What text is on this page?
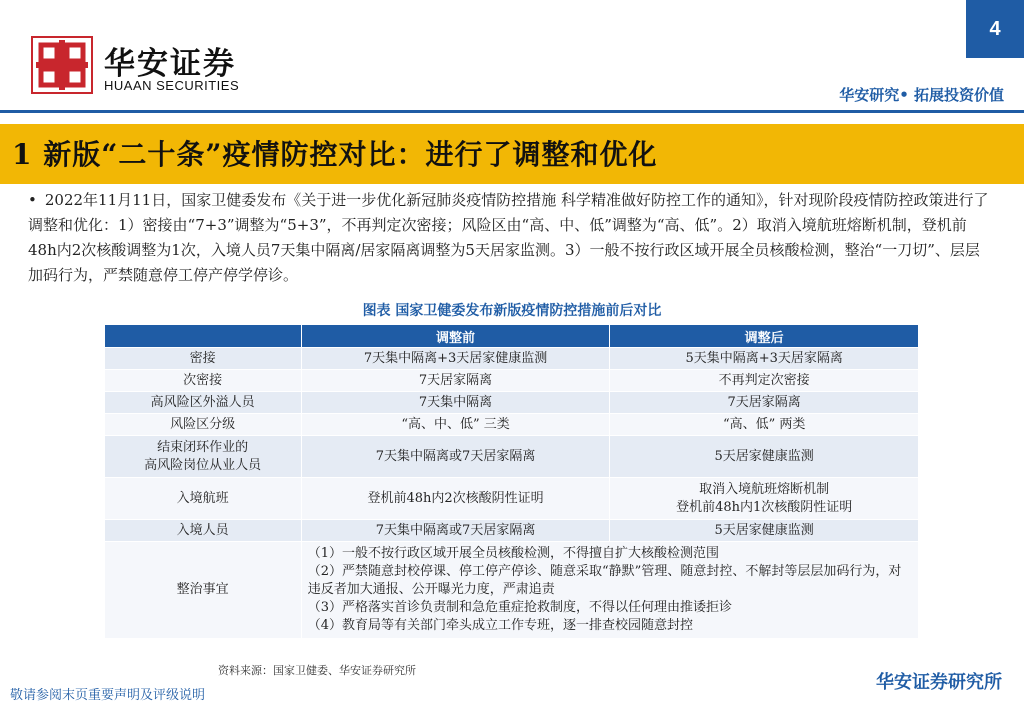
华安证券
HUAAN SECURITIES
4
华安研究• 拓展投资价值
1 新版“二十条”疫情防控对比：进行了调整和优化
• 2022年11月11日，国家卫健委发布《关于进一步优化新冠肺炎疫情防控措施 科学精准做好防控工作的通知》，针对现阶段疫情防控政策进行了调整和优化：1）密接由“7+3”调整为“5+3”，不再判定次密接；风险区由“高、中、低”调整为“高、低”。2）取消入境航班熔断机制，登机前48h内2次核酸调整为1次，入境人员7天集中隔离/居家隔离调整为5天居家监测。3）一般不按行政区域开展全员核酸检测，整治“一刀切”、层层加码行为，严禁随意停工停产停学停诊。
图表 国家卫健委发布新版疫情防控措施前后对比
	调整前	调整后
密接	7天集中隔离+3天居家健康监测	5天集中隔离+3天居家隔离
次密接	7天居家隔离	不再判定次密接
高风险区外溢人员	7天集中隔离	7天居家隔离
风险区分级	“高、中、低” 三类	“高、低” 两类
结束闭环作业的
高风险岗位从业人员	7天集中隔离或7天居家隔离	5天居家健康监测
入境航班	登机前48h内2次核酸阴性证明	取消入境航班熔断机制
登机前48h内1次核酸阴性证明
入境人员	7天集中隔离或7天居家隔离	5天居家健康监测
整治事宜	（1）一般不按行政区域开展全员核酸检测，不得擅自扩大核酸检测范围
（2）严禁随意封校停课、停工停产停诊、随意采取“静默”管理、随意封控、不解封等层层加码行为，对违反者加大通报、公开曝光力度，严肃追责
（3）严格落实首诊负责制和急危重症抢救制度，不得以任何理由推诿拒诊
（4）教育局等有关部门牵头成立工作专班，逐一排查校园随意封控	
资料来源：国家卫健委、华安证券研究所
敬请参阅末页重要声明及评级说明
华安证券研究所
